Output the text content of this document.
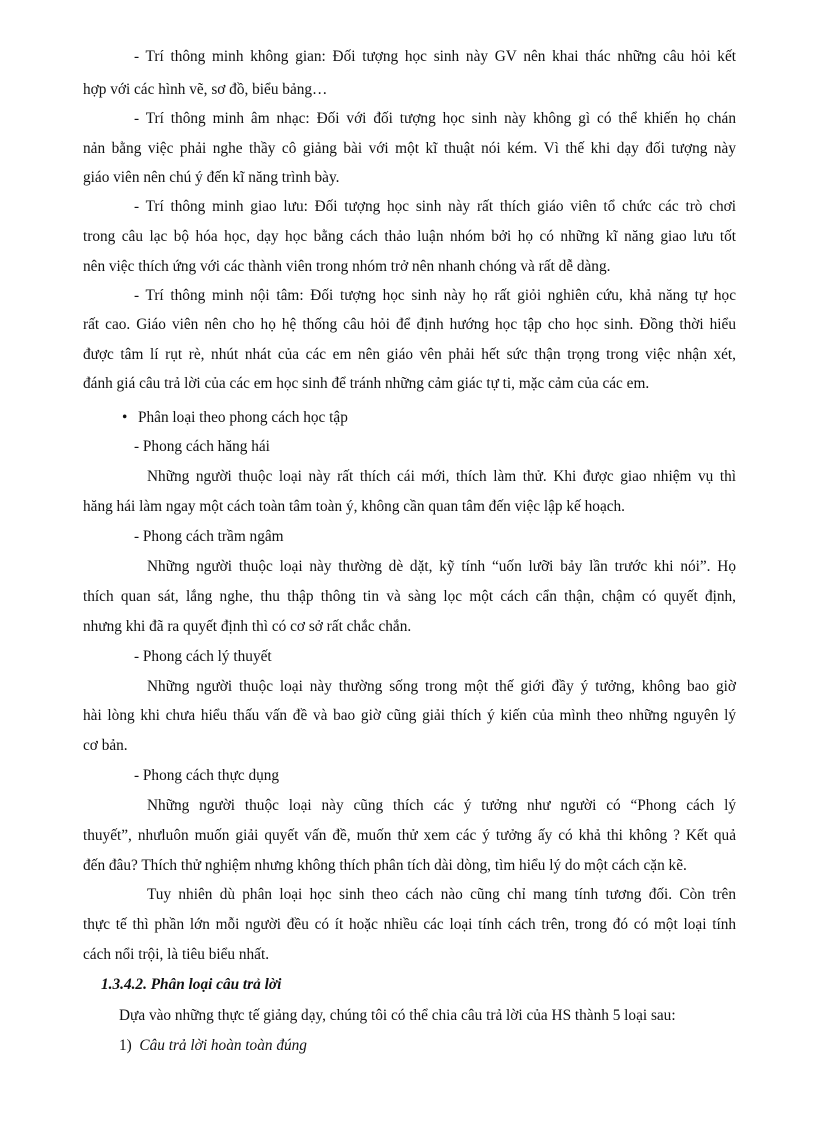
- Trí thông minh không gian: Đối tượng học sinh này GV nên khai thác những câu hỏi kết
hợp với các hình vẽ, sơ đồ, biểu bảng…
- Trí thông minh âm nhạc: Đối với đối tượng học sinh này không gì có thể khiến họ chán
nản bằng việc phải nghe thầy cô giảng bài với một kĩ thuật nói kém. Vì thế khi dạy đối tượng này
giáo viên nên chú ý đến kĩ năng trình bày.
- Trí thông minh giao lưu: Đối tượng học sinh này rất thích giáo viên tổ chức các trò chơi
trong câu lạc bộ hóa học, dạy học bằng cách thảo luận nhóm bởi họ có những kĩ năng giao lưu tốt
nên việc thích ứng với các thành viên trong nhóm trở nên nhanh chóng và rất dễ dàng.
- Trí thông minh nội tâm: Đối tượng học sinh này họ rất giỏi nghiên cứu, khả năng tự học
rất cao. Giáo viên nên cho họ hệ thống câu hỏi để định hướng học tập cho học sinh. Đồng thời hiểu
được tâm lí rụt rè, nhút nhát của các em nên giáo vên phải hết sức thận trọng trong việc nhận xét,
đánh giá câu trả lời của các em học sinh để tránh những cảm giác tự ti, mặc cảm của các em.
• Phân loại theo phong cách học tập
- Phong cách hăng hái
Những người thuộc loại này rất thích cái mới, thích làm thử. Khi được giao nhiệm vụ thì
hăng hái làm ngay một cách toàn tâm toàn ý, không cần quan tâm đến việc lập kế hoạch.
- Phong cách trầm ngâm
Những người thuộc loại này thường dè dặt, kỹ tính “uốn lưỡi bảy lần trước khi nói”. Họ
thích quan sát, lắng nghe, thu thập thông tin và sàng lọc một cách cẩn thận, chậm có quyết định,
nhưng khi đã ra quyết định thì có cơ sở rất chắc chắn.
- Phong cách lý thuyết
Những người thuộc loại này thường sống trong một thế giới đầy ý tưởng, không bao giờ
hài lòng khi chưa hiểu thấu vấn đề và bao giờ cũng giải thích ý kiến của mình theo những nguyên lý
cơ bản.
- Phong cách thực dụng
Những người thuộc loại này cũng thích các ý tưởng như người có “Phong cách lý
thuyết”, nhưluôn muốn giải quyết vấn đề, muốn thử xem các ý tưởng ấy có khả thi không ? Kết quả
đến đâu? Thích thử nghiệm nhưng không thích phân tích dài dòng, tìm hiểu lý do một cách cặn kẽ.
Tuy nhiên dù phân loại học sinh theo cách nào cũng chỉ mang tính tương đối. Còn trên
thực tế thì phần lớn mỗi người đều có ít hoặc nhiều các loại tính cách trên, trong đó có một loại tính
cách nổi trội, là tiêu biểu nhất.
1.3.4.2. Phân loại câu trả lời
Dựa vào những thực tế giảng dạy, chúng tôi có thể chia câu trả lời của HS thành 5 loại sau:
1) Câu trả lời hoàn toàn đúng
